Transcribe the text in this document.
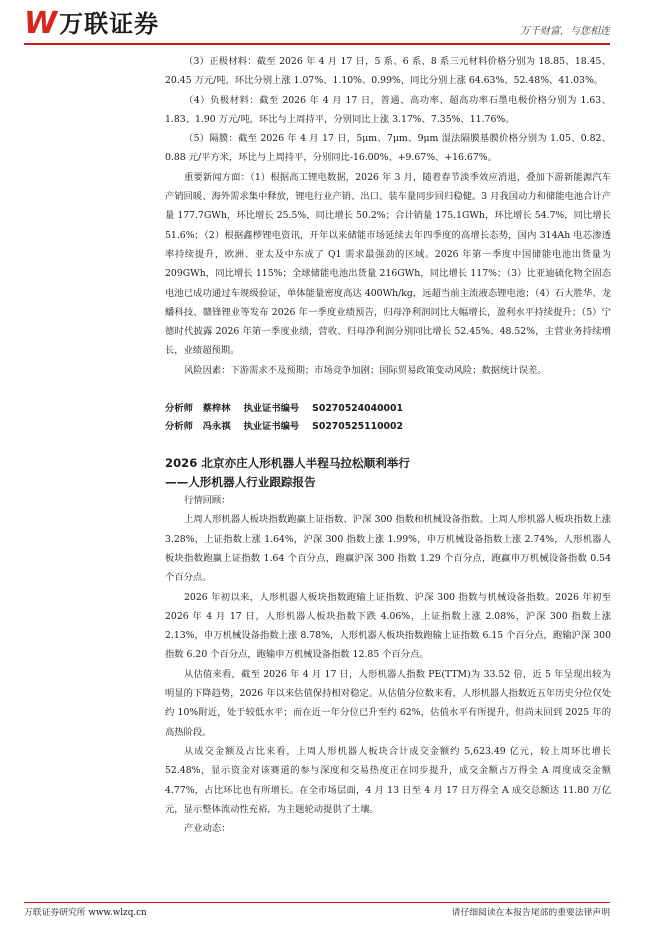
W 万联证券	万千财富，与您相连

（3）正极材料：截至 2026 年 4 月 17 日，5 系、6 系、8 系三元材料价格分别为 18.85、18.45、20.45 万元/吨，环比分别上涨 1.07%、1.10%、0.99%，同比分别上涨 64.63%、52.48%、41.03%。

（4）负极材料：截至 2026 年 4 月 17 日，普通、高功率、超高功率石墨电极价格分别为 1.63、1.83、1.90 万元/吨，环比与上周持平，分别同比上涨 3.17%、7.35%、11.76%。

（5）隔膜：截至 2026 年 4 月 17 日，5μm、7μm、9μm 湿法隔膜基膜价格分别为 1.05、0.82、0.88 元/平方米，环比与上周持平，分别同比-16.00%、+9.67%、+16.67%。

重要新闻方面：（1）根据高工锂电数据，2026 年 3 月，随着春节淡季效应消退，叠加下游新能源汽车产销回暖、海外需求集中释放，锂电行业产销、出口、装车量同步回归稳健。3 月我国动力和储能电池合计产量 177.7GWh，环比增长 25.5%，同比增长 50.2%；合计销量 175.1GWh，环比增长 54.7%，同比增长 51.6%；（2）根据鑫椤锂电资讯，开年以来储能市场延续去年四季度的高增长态势，国内 314Ah 电芯渗透率持续提升，欧洲、亚太及中东成了 Q1 需求最强劲的区域。2026 年第一季度中国储能电池出货量为 209GWh，同比增长 115%；全球储能电池出货量 216GWh，同比增长 117%；（3）比亚迪硫化物全固态电池已成功通过车规级验证，单体能量密度高达 400Wh/kg，远超当前主流液态锂电池；（4）石大胜华、龙蟠科技、赣锋锂业等发布 2026 年一季度业绩预告，归母净利润同比大幅增长，盈利水平持续提升；（5）宁德时代披露 2026 年第一季度业绩，营收、归母净利润分别同比增长 52.45%、48.52%，主营业务持续增长，业绩超预期。

风险因素：下游需求不及预期；市场竞争加剧；国际贸易政策变动风险；数据统计误差。

分析师   蔡梓林    执业证书编号    S0270524040001
分析师   冯永祺    执业证书编号    S0270525110002
2026 北京亦庄人形机器人半程马拉松顺利举行
——人形机器人行业跟踪报告

行情回顾：

上周人形机器人板块指数跑赢上证指数、沪深 300 指数和机械设备指数。上周人形机器人板块指数上涨 3.28%，上证指数上涨 1.64%，沪深 300 指数上涨 1.99%，申万机械设备指数上涨 2.74%，人形机器人板块指数跑赢上证指数 1.64 个百分点，跑赢沪深 300 指数 1.29 个百分点，跑赢申万机械设备指数 0.54 个百分点。

2026 年初以来，人形机器人板块指数跑输上证指数、沪深 300 指数与机械设备指数。2026 年初至 2026 年 4 月 17 日，人形机器人板块指数下跌 4.06%，上证指数上涨 2.08%，沪深 300 指数上涨 2.13%，申万机械设备指数上涨 8.78%，人形机器人板块指数跑输上证指数 6.15 个百分点，跑输沪深 300 指数 6.20 个百分点，跑输申万机械设备指数 12.85 个百分点。

从估值来看，截至 2026 年 4 月 17 日，人形机器人指数 PE(TTM)为 33.52 倍，近 5 年呈现出较为明显的下降趋势，2026 年以来估值保持相对稳定。从估值分位数来看，人形机器人指数近五年历史分位仅处约 10%附近，处于较低水平；而在近一年分位已升至约 62%，估值水平有所提升，但尚未回到 2025 年的高热阶段。

从成交金额及占比来看，上周人形机器人板块合计成交金额约 5,623.49 亿元，较上周环比增长 52.48%，显示资金对该赛道的参与深度和交易热度正在同步提升，成交金额占万得全 A 周度成交金额 4.77%，占比环比也有所增长。在全市场层面，4 月 13 日至 4 月 17 日万得全 A 成交总额达 11.80 万亿元，显示整体流动性充裕，为主题轮动提供了土壤。

产业动态：

万联证券研究所 www.wlzq.cn	请仔细阅读在本报告尾部的重要法律声明
